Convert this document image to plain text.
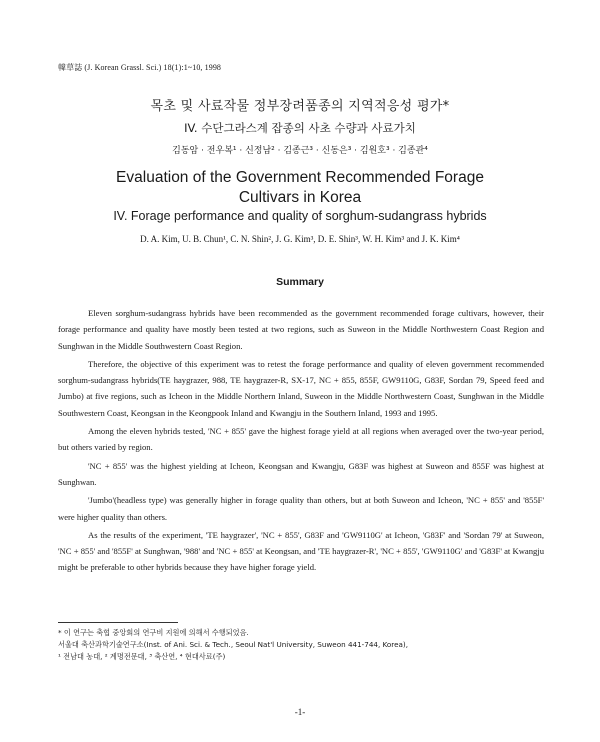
韓草誌 (J. Korean Grassl. Sci.) 18(1):1~10, 1998
목초 및 사료작물 정부장려품종의 지역적응성 평가*
IV. 수단그라스계 잡종의 사초 수량과 사료가치
김동암 · 전우복¹ · 신정남² · 김종근³ · 신동은³ · 김원호³ · 김종관⁴
Evaluation of the Government Recommended Forage
Cultivars in Korea
IV. Forage performance and quality of sorghum-sudangrass hybrids
D. A. Kim, U. B. Chun¹, C. N. Shin², J. G. Kim³, D. E. Shin³, W. H. Kim³ and J. K. Kim⁴
Summary

Eleven sorghum-sudangrass hybrids have been recommended as the government recommended forage cultivars, however, their forage performance and quality have mostly been tested at two regions, such as Suweon in the Middle Northwestern Coast Region and Sunghwan in the Middle Southwestern Coast Region.

Therefore, the objective of this experiment was to retest the forage performance and quality of eleven government recommended sorghum-sudangrass hybrids(TE haygrazer, 988, TE haygrazer-R, SX-17, NC + 855, 855F, GW9110G, G83F, Sordan 79, Speed feed and Jumbo) at five regions, such as Icheon in the Middle Northern Inland, Suweon in the Middle Northwestern Coast, Sunghwan in the Middle Southwestern Coast, Keongsan in the Keongpook Inland and Kwangju in the Southern Inland, 1993 and 1995.

Among the eleven hybrids tested, 'NC + 855' gave the highest forage yield at all regions when averaged over the two-year period, but others varied by region.

'NC + 855' was the highest yielding at Icheon, Keongsan and Kwangju, G83F was highest at Suweon and 855F was highest at Sunghwan.

'Jumbo'(headless type) was generally higher in forage quality than others, but at both Suweon and Icheon, 'NC + 855' and '855F' were higher quality than others.

As the results of the experiment, 'TE haygrazer', 'NC + 855', G83F and 'GW9110G' at Icheon, 'G83F' and 'Sordan 79' at Suweon, 'NC + 855' and '855F' at Sunghwan, '988' and 'NC + 855' at Keongsan, and 'TE haygrazer-R', 'NC + 855', 'GW9110G' and 'G83F' at Kwangju might be preferable to other hybrids because they have higher forage yield.

* 이 연구는 축협 중앙회의 연구비 지원에 의해서 수행되었음.
서울대 축산과학기술연구소(Inst. of Ani. Sci. & Tech., Seoul Nat'l University, Suweon 441-744, Korea),
¹ 전남대 농대, ² 계명전문대, ³ 축산연, ⁴ 현대사료(주)
-1-
